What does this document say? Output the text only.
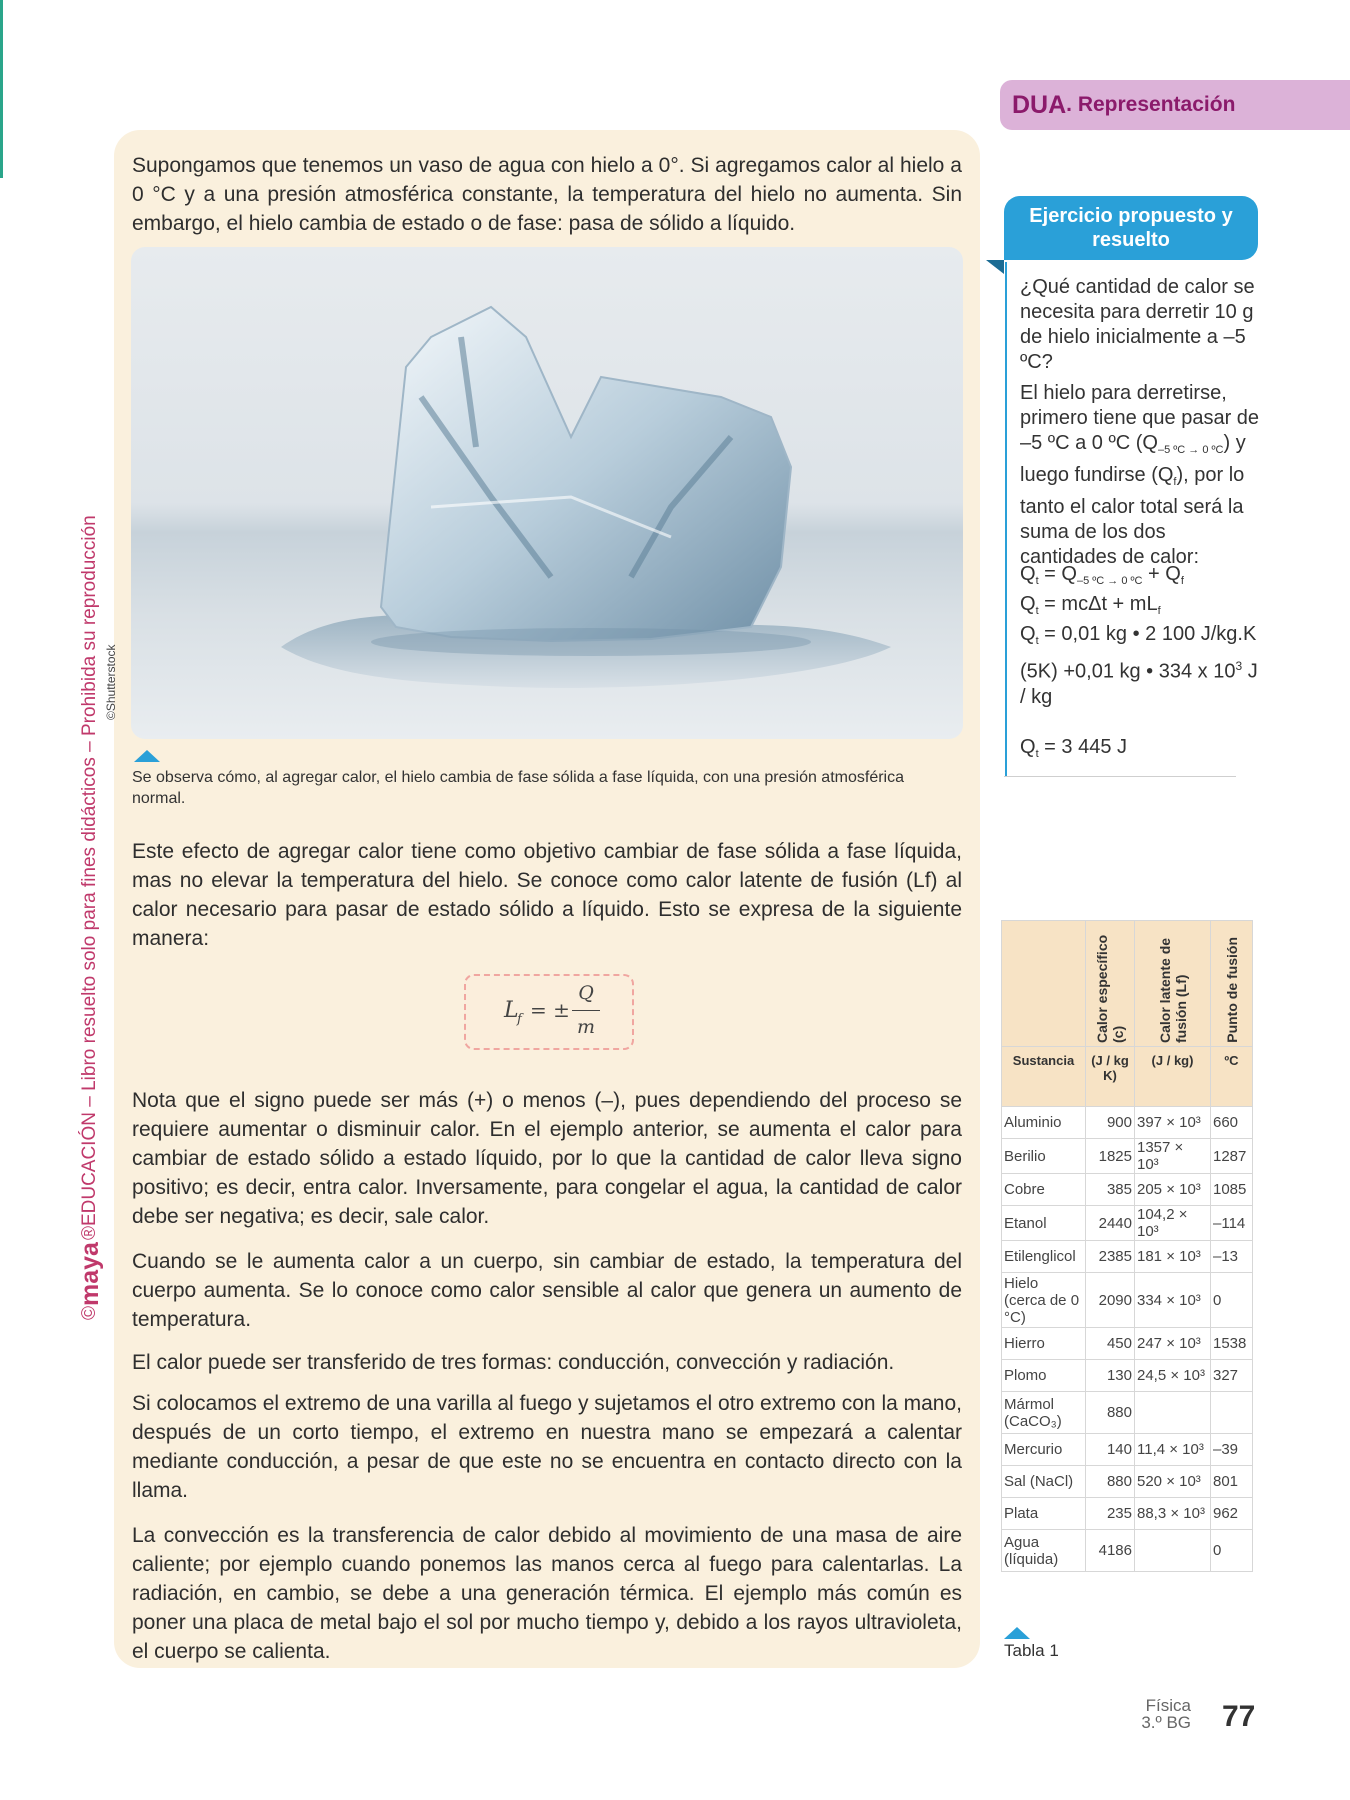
©
maya
®EDUCACIÓN – Libro resuelto solo para fines didácticos – Prohibida su reproducción

Supongamos que tenemos un vaso de agua con hielo a 0°. Si agregamos calor al hielo a 0 °C y a una presión atmosférica constante, la temperatura del hielo no aumenta. Sin embargo, el hielo cambia de estado o de fase: pasa de sólido a líquido.

©Shutterstock

Se observa cómo, al agregar calor, el hielo cambia de fase sólida a fase líquida, con una presión atmosférica normal.

Este efecto de agregar calor tiene como objetivo cambiar de fase sólida a fase líquida, mas no elevar la temperatura del hielo. Se conoce como calor latente de fusión (Lf) al calor necesario para pasar de estado sólido a líquido. Esto se expresa de la siguiente manera:

L
f = ±
Q
m

Nota que el signo puede ser más (+) o menos (–), pues dependiendo del proceso se requiere aumentar o disminuir calor. En el ejemplo anterior, se aumenta el calor para cambiar de estado sólido a estado líquido, por lo que la cantidad de calor lleva signo positivo; es decir, entra calor. Inversamente, para congelar el agua, la cantidad de calor debe ser negativa; es decir, sale calor.

Cuando se le aumenta calor a un cuerpo, sin cambiar de estado, la temperatura del cuerpo aumenta. Se lo conoce como calor sensible al calor que genera un aumento de temperatura.

El calor puede ser transferido de tres formas: conducción, convección y radiación.

Si colocamos el extremo de una varilla al fuego y sujetamos el otro extremo con la mano, después de un corto tiempo, el extremo en nuestra mano se empezará a calentar mediante conducción, a pesar de que este no se encuentra en contacto directo con la llama.

La convección es la transferencia de calor debido al movimiento de una masa de aire caliente; por ejemplo cuando ponemos las manos cerca al fuego para calentarlas. La radiación, en cambio, se debe a una generación térmica. El ejemplo más común es poner una placa de metal bajo el sol por mucho tiempo y, debido a los rayos ultravioleta, el cuerpo se calienta.

DUA . Representación
Ejercicio propuesto y resuelto

¿Qué cantidad de calor se necesita para derretir 10 g de hielo inicialmente a –5 ºC?

El hielo para derretirse, primero tiene que pasar de –5 ºC a 0 ºC $(Q_{-5 ºC \to 0 ºC})$ y luego fundirse $(Q_f)$, por lo tanto el calor total será la suma de los dos cantidades de calor:

$Q_t = Q_{-5 ºC \to 0 ºC} + Q_f$

$Q_t = mc\Delta t + mL_f$

$Q_t = 0,01$ kg • 2 100 J/kg.K (5K) +0,01 kg • 334 x $10^3$ J / kg

$Q_t = 3$ 445 J

	Calor específico (c)	Calor latente de fusión (Lf)	Punto de fusión
Sustancia	(J / kg K)	(J / kg)	ºC
Aluminio	900	397 × 10³	660
Berilio	1825	1357 × 10³	1287
Cobre	385	205 × 10³	1085
Etanol	2440	104,2 × 10³	–114
Etilenglicol	2385	181 × 10³	–13
Hielo (cerca de 0 °C)	2090	334 × 10³	0
Hierro	450	247 × 10³	1538
Plomo	130	24,5 × 10³	327
Mármol (CaCO₃)	880		
Mercurio	140	11,4 × 10³	–39
Sal (NaCl)	880	520 × 10³	801
Plata	235	88,3 × 10³	962
Agua (líquida)	4186		0
Tabla 1
Física
3.º BG 77
